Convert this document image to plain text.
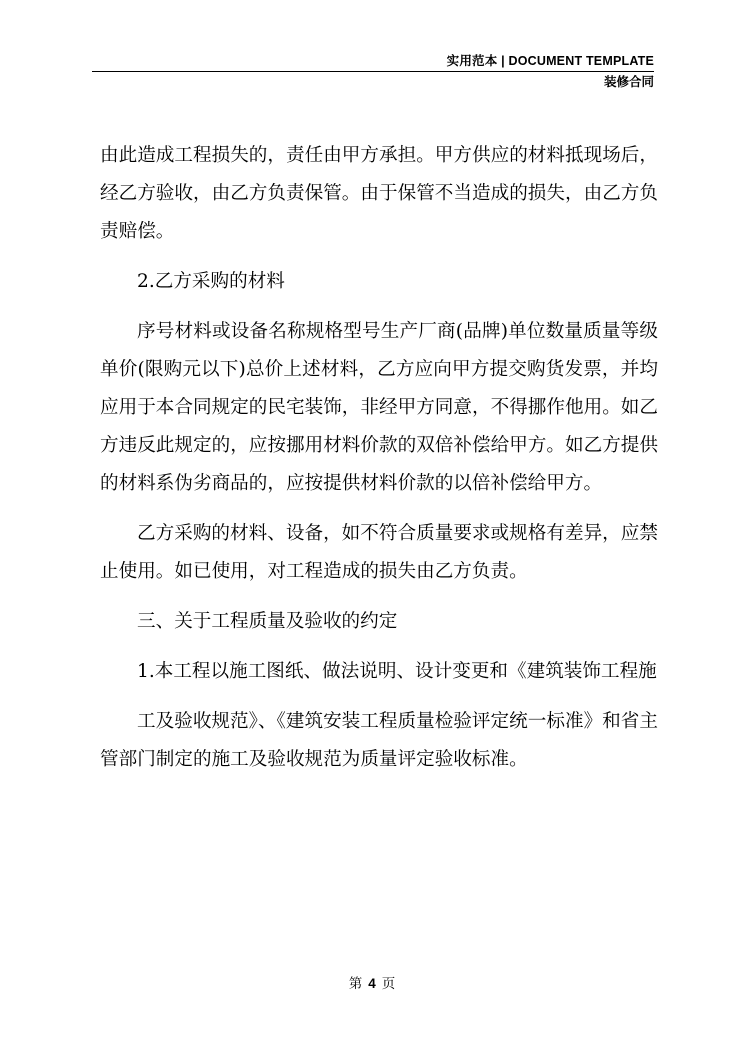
实用范本 | DOCUMENT TEMPLATE
装修合同

由此造成工程损失的，责任由甲方承担。甲方供应的材料抵现场后，经乙方验收，由乙方负责保管。由于保管不当造成的损失，由乙方负责赔偿。

2.乙方采购的材料

序号材料或设备名称规格型号生产厂商(品牌)单位数量质量等级单价(限购元以下)总价上述材料，乙方应向甲方提交购货发票，并均应用于本合同规定的民宅装饰，非经甲方同意，不得挪作他用。如乙方违反此规定的，应按挪用材料价款的双倍补偿给甲方。如乙方提供的材料系伪劣商品的，应按提供材料价款的以倍补偿给甲方。

乙方采购的材料、设备，如不符合质量要求或规格有差异，应禁止使用。如已使用，对工程造成的损失由乙方负责。

三、关于工程质量及验收的约定

1.本工程以施工图纸、做法说明、设计变更和《建筑装饰工程施

工及验收规范》、《建筑安装工程质量检验评定统一标准》和省主管部门制定的施工及验收规范为质量评定验收标准。

第 4 页
